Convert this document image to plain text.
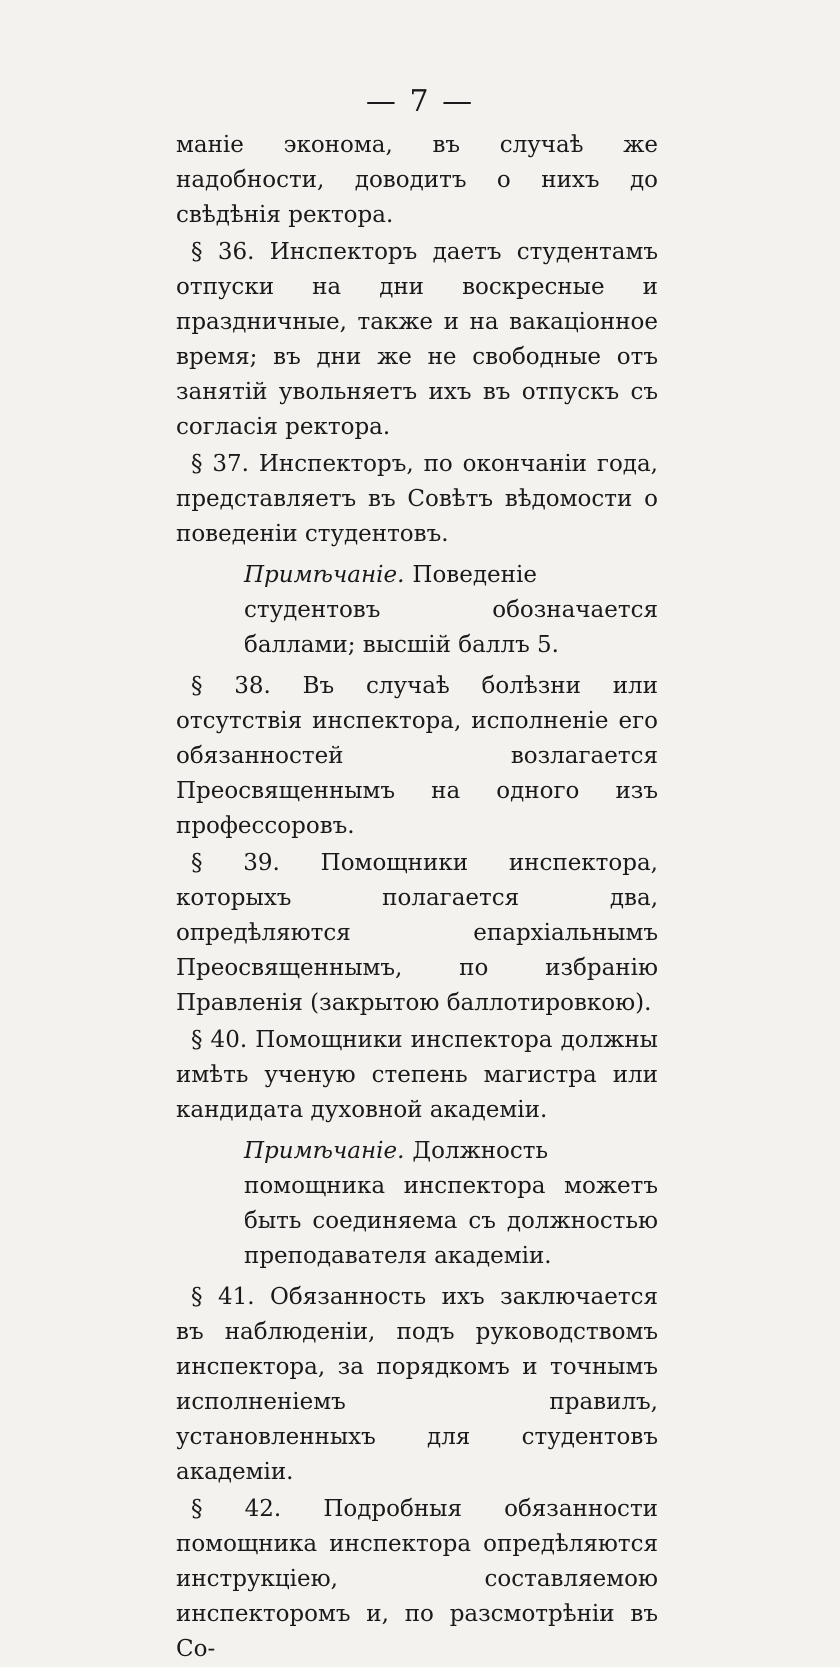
— 7 —

маніе эконома, въ случаѣ же надобности, доводитъ о нихъ до свѣдѣнія ректора.

§ 36. Инспекторъ даетъ студентамъ отпуски на дни воскресные и праздничные, также и на вакаціонное время; въ дни же не свободные отъ занятій увольняетъ ихъ въ отпускъ съ согласія ректора.

§ 37. Инспекторъ, по окончаніи года, представляетъ въ Совѣтъ вѣдомости о поведеніи студентовъ.

Примѣчаніе. Поведеніе студентовъ обозначается баллами; высшій баллъ 5.

§ 38. Въ случаѣ болѣзни или отсутствія инспектора, исполненіе его обязанностей возлагается Преосвященнымъ на одного изъ профессоровъ.

§ 39. Помощники инспектора, которыхъ полагается два, опредѣляются епархіальнымъ Преосвященнымъ, по избранію Правленія (закрытою баллотировкою).

§ 40. Помощники инспектора должны имѣть ученую степень магистра или кандидата духовной академіи.

Примѣчаніе. Должность помощника инспектора можетъ быть соединяема съ должностью преподавателя академіи.

§ 41. Обязанность ихъ заключается въ наблюденіи, подъ руководствомъ инспектора, за порядкомъ и точнымъ исполненіемъ правилъ, установленныхъ для студентовъ академіи.

§ 42. Подробныя обязанности помощника инспектора опредѣляются инструкціею, составляемою инспекторомъ и, по разсмотрѣніи въ Со-
